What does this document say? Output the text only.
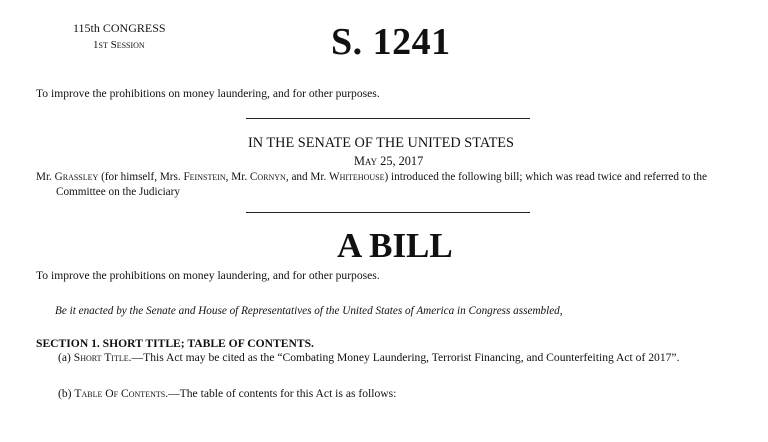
115th CONGRESS
1st Session	S. 1241
To improve the prohibitions on money laundering, and for other purposes.
IN THE SENATE OF THE UNITED STATES
May 25, 2017
Mr. Grassley (for himself, Mrs. Feinstein, Mr. Cornyn, and Mr. Whitehouse) introduced the following bill; which was read twice and referred to the
Committee on the Judiciary
A BILL
To improve the prohibitions on money laundering, and for other purposes.
Be it enacted by the Senate and House of Representatives of the United States of America in Congress assembled,
SECTION 1. SHORT TITLE; TABLE OF CONTENTS.
(a) Short Title.—This Act may be cited as the “Combating Money Laundering, Terrorist Financing, and Counterfeiting Act of 2017”.
(b) Table Of Contents.—The table of contents for this Act is as follows:
